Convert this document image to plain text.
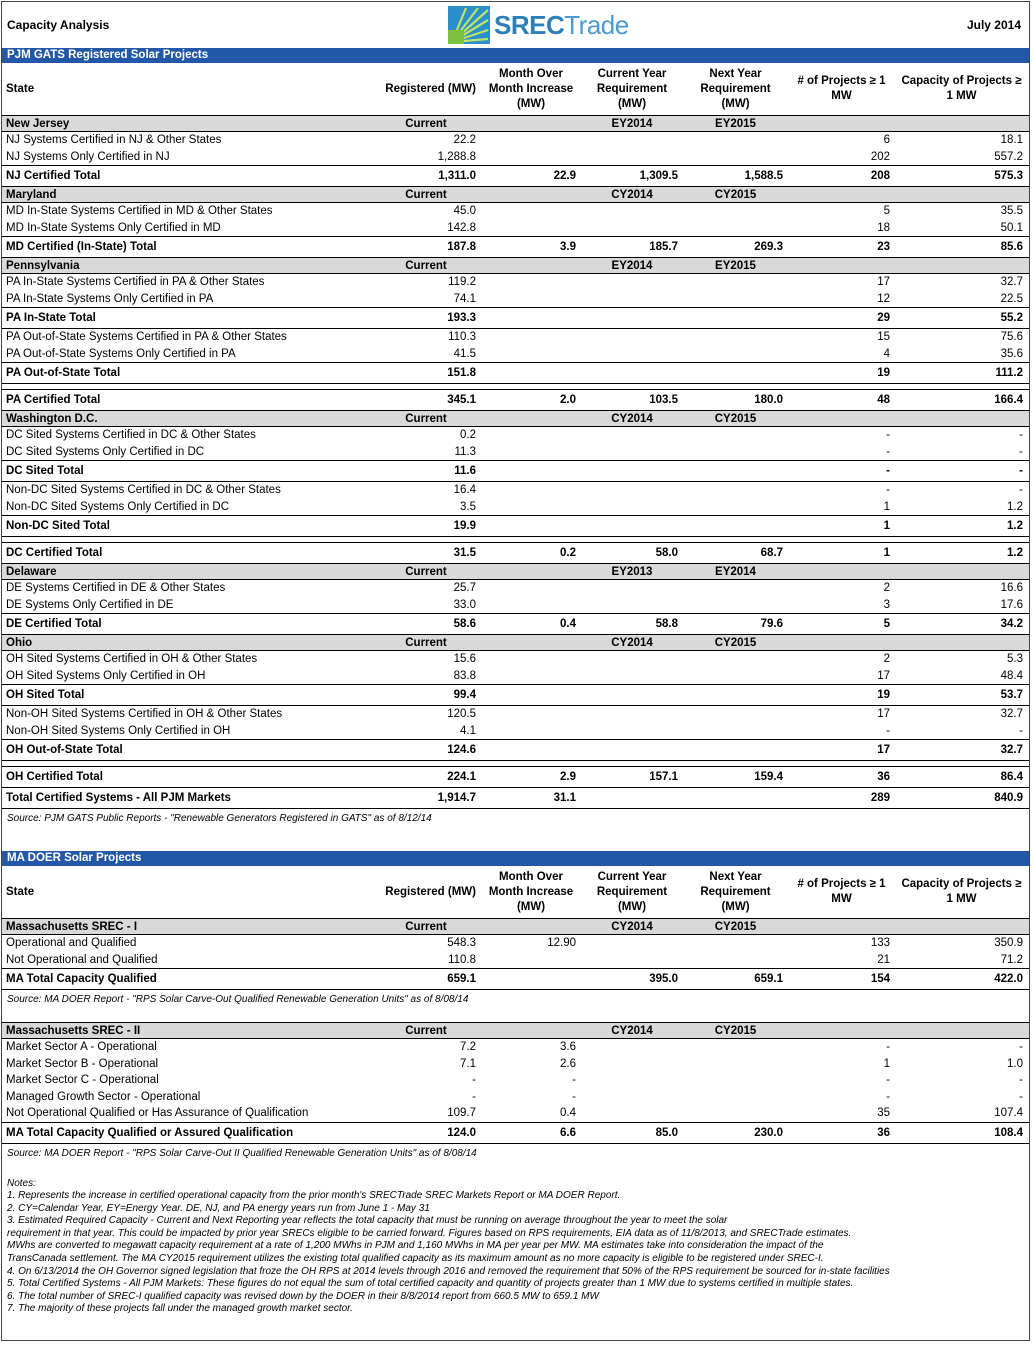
Capacity Analysis	SRECTrade	July 2014
PJM GATS Registered Solar Projects
State	Registered (MW)	Month Over Month Increase (MW)	Current Year Requirement (MW)	Next Year Requirement (MW)	# of Projects ≥ 1 MW	Capacity of Projects ≥ 1 MW
New Jersey	Current		EY2014	EY2015		
NJ Systems Certified in NJ & Other States	22.2				6	18.1
NJ Systems Only Certified in NJ	1,288.8				202	557.2
NJ Certified Total	1,311.0	22.9	1,309.5	1,588.5	208	575.3
Maryland	Current		CY2014	CY2015		
MD In-State Systems Certified in MD & Other States	45.0				5	35.5
MD In-State Systems Only Certified in MD	142.8				18	50.1
MD Certified (In-State) Total	187.8	3.9	185.7	269.3	23	85.6
Pennsylvania	Current		EY2014	EY2015		
PA In-State Systems Certified in PA & Other States	119.2				17	32.7
PA In-State Systems Only Certified in PA	74.1				12	22.5
PA In-State Total	193.3				29	55.2
PA Out-of-State Systems Certified in PA & Other States	110.3				15	75.6
PA Out-of-State Systems Only Certified in PA	41.5				4	35.6
PA Out-of-State Total	151.8				19	111.2

PA Certified Total	345.1	2.0	103.5	180.0	48	166.4
Washington D.C.	Current		CY2014	CY2015		
DC Sited Systems Certified in DC & Other States	0.2				-	-
DC Sited Systems Only Certified in DC	11.3				-	-
DC Sited Total	11.6				-	-
Non-DC Sited Systems Certified in DC & Other States	16.4				-	-
Non-DC Sited Systems Only Certified in DC	3.5				1	1.2
Non-DC Sited Total	19.9				1	1.2

DC Certified Total	31.5	0.2	58.0	68.7	1	1.2
Delaware	Current		EY2013	EY2014		
DE Systems Certified in DE & Other States	25.7				2	16.6
DE Systems Only Certified in DE	33.0				3	17.6
DE Certified Total	58.6	0.4	58.8	79.6	5	34.2
Ohio	Current		CY2014	CY2015		
OH Sited Systems Certified in OH & Other States	15.6				2	5.3
OH Sited Systems Only Certified in OH	83.8				17	48.4
OH Sited Total	99.4				19	53.7
Non-OH Sited Systems Certified in OH & Other States	120.5				17	32.7
Non-OH Sited Systems Only Certified in OH	4.1				-	-
OH Out-of-State Total	124.6				17	32.7

OH Certified Total	224.1	2.9	157.1	159.4	36	86.4
Total Certified Systems - All PJM Markets	1,914.7	31.1			289	840.9
Source: PJM GATS Public Reports - "Renewable Generators Registered in GATS" as of 8/12/14
MA DOER Solar Projects
State	Registered (MW)	Month Over Month Increase (MW)	Current Year Requirement (MW)	Next Year Requirement (MW)	# of Projects ≥ 1 MW	Capacity of Projects ≥ 1 MW
Massachusetts SREC - I	Current		CY2014	CY2015		
Operational and Qualified	548.3	12.90			133	350.9
Not Operational and Qualified	110.8				21	71.2
MA Total Capacity Qualified	659.1		395.0	659.1	154	422.0
Source: MA DOER Report - "RPS Solar Carve-Out Qualified Renewable Generation Units" as of 8/08/14
Massachusetts SREC - II	Current		CY2014	CY2015		
Market Sector A - Operational	7.2	3.6			-	-
Market Sector B - Operational	7.1	2.6			1	1.0
Market Sector C - Operational	-	-			-	-
Managed Growth Sector - Operational	-	-			-	-
Not Operational Qualified or Has Assurance of Qualification	109.7	0.4			35	107.4
MA Total Capacity Qualified or Assured Qualification	124.0	6.6	85.0	230.0	36	108.4
Source: MA DOER Report - "RPS Solar Carve-Out II Qualified Renewable Generation Units" as of 8/08/14
Notes:
1. Represents the increase in certified operational capacity from the prior month's SRECTrade SREC Markets Report or MA DOER Report.
2. CY=Calendar Year, EY=Energy Year. DE, NJ, and PA energy years run from June 1 - May 31
3. Estimated Required Capacity - Current and Next Reporting year reflects the total capacity that must be running on average throughout the year to meet the solar
requirement in that year. This could be impacted by prior year SRECs eligible to be carried forward. Figures based on RPS requirements, EIA data as of 11/8/2013, and SRECTrade estimates.
MWhs are converted to megawatt capacity requirement at a rate of 1,200 MWhs in PJM and 1,160 MWhs in MA per year per MW. MA estimates take into consideration the impact of the
TransCanada settlement. The MA CY2015 requirement utilizes the existing total qualified capacity as its maximum amount as no more capacity is eligible to be registered under SREC-I.
4. On 6/13/2014 the OH Governor signed legislation that froze the OH RPS at 2014 levels through 2016 and removed the requirement that 50% of the RPS requirement be sourced for in-state facilities
5. Total Certified Systems - All PJM Markets: These figures do not equal the sum of total certified capacity and quantity of projects greater than 1 MW due to systems certified in multiple states.
6. The total number of SREC-I qualified capacity was revised down by the DOER in their 8/8/2014 report from 660.5 MW to 659.1 MW
7. The majority of these projects fall under the managed growth market sector.
